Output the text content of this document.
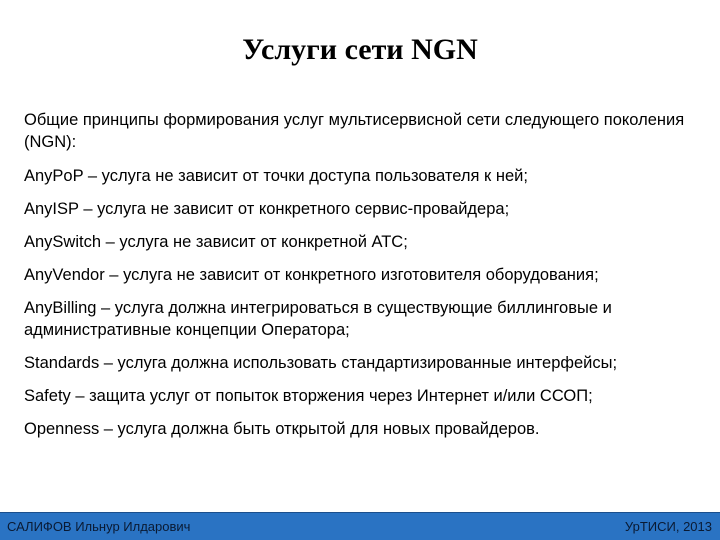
Услуги сети NGN

Общие принципы формирования услуг мультисервисной сети следующего поколения (NGN):

AnyPoP – услуга не зависит от точки доступа пользователя к ней;

AnyISP – услуга не зависит от конкретного сервис-провайдера;

AnySwitch – услуга не зависит от конкретной АТС;

AnyVendor – услуга не зависит от конкретного изготовителя оборудования;

AnyBilling – услуга должна интегрироваться в существующие биллинговые и административные концепции Оператора;

Standards – услуга должна использовать стандартизированные интерфейсы;

Safety – защита услуг от попыток вторжения через Интернет и/или ССОП;

Openness – услуга должна быть открытой для новых провайдеров.

САЛИФОВ Ильнур Илдарович	УрТИСИ, 2013
